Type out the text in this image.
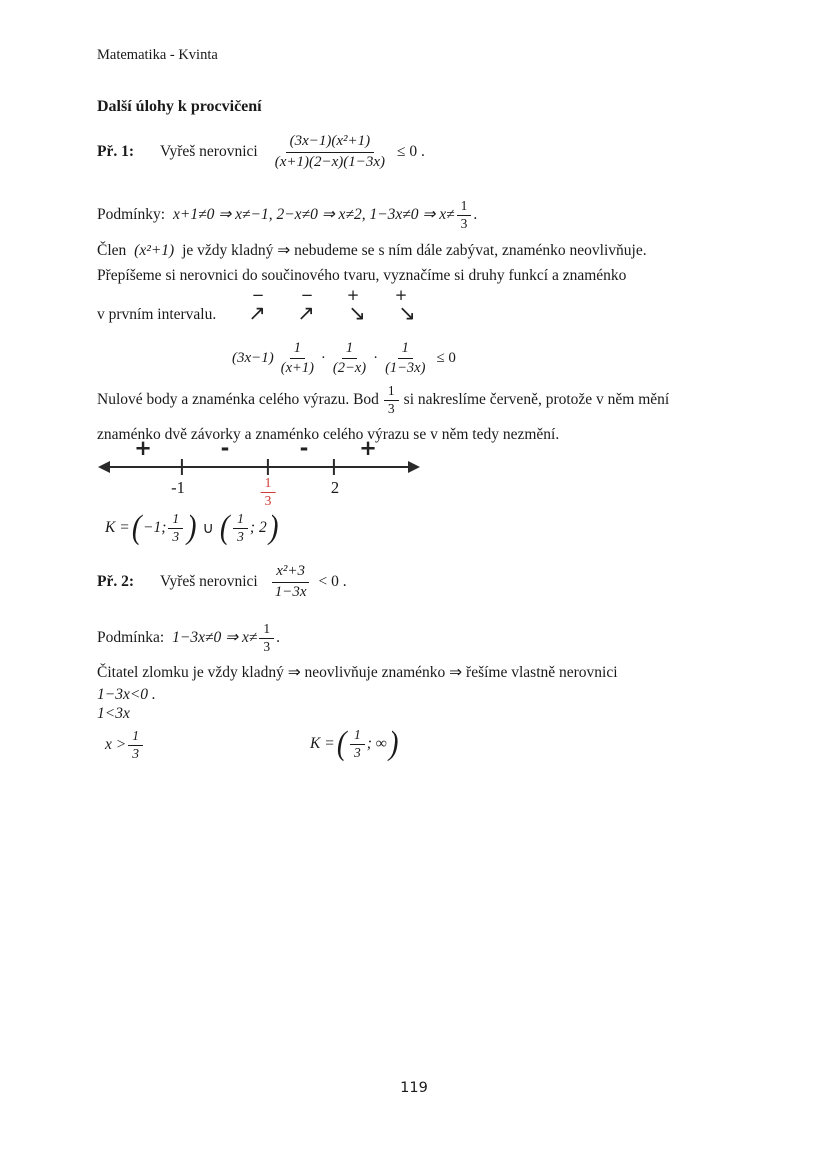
Matematika - Kvinta
Další úlohy k procvičení
Př. 1:	Vyřeš nerovnici $\frac{\text{(3x−1)(x²+1)}}{(x+1)(2-x)(1-3x)} \le 0$ .
Podmínky: x+1≠0 ⇒ x≠−1, 2−x≠0 ⇒ x≠2, 1−3x≠0 ⇒ $x\ne \frac{1}{3}$ .
Člen (x²+1) je vždy kladný ⇒ nebudeme se s ním dále zabývat, znaménko neovlivňuje.
Přepíšeme si nerovnici do součinového tvaru, vyznačíme si druhy funkcí a znaménko
− − + +
↗ ↗ ↘ ↘
v prvním intervalu.
$(3x-1) \frac{1}{(x+1)} \cdot \frac{1}{(2-x)} \cdot \frac{1}{(1-3x)} \le 0$
Nulové body a znaménka celého výrazu. Bod $\frac{1}{3}$ si nakreslíme červeně, protože v něm mění
znaménko dvě závorky a znaménko celého výrazu se v něm tedy nezmění.
+	-	- +
-1	$\frac{1}{3}$	2
K = ( −1; $\frac{1}{3}$ ) ∪ ( $\frac{1}{3}$ ; 2 )
Př. 2:	Vyřeš nerovnici $\frac{\text{x²+3}}{1-3x} < 0$ .
Podmínka: 1−3x≠0 ⇒ $x\ne \frac{1}{3}$ .
Čitatel zlomku je vždy kladný ⇒ neovlivňuje znaménko ⇒ řešíme vlastně nerovnici
1−3x<0 .
1<3x
$x > \frac{1}{3}$	K = ( $\frac{1}{3}$ ; ∞ )
119
